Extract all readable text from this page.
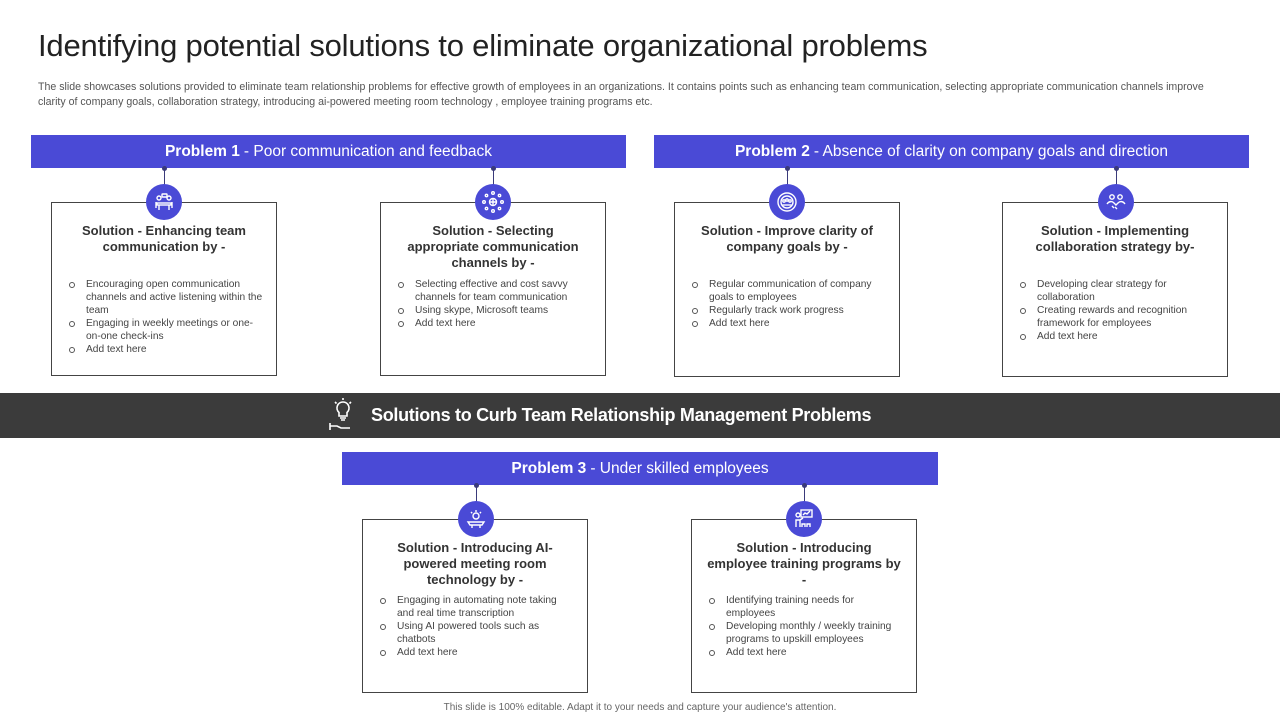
Identifying potential solutions to eliminate organizational problems
The slide showcases solutions provided to eliminate team relationship problems for effective growth of employees in an organizations. It contains points such as enhancing team communication, selecting appropriate communication channels improve clarity of company goals, collaboration strategy, introducing ai-powered meeting room technology , employee training programs etc.
Problem 1 - Poor communication and feedback	Problem 2 - Absence of clarity on company goals and direction
Problem 3 - Under skilled employees
Solution - Enhancing team communication by -
Encouraging open communication channels and active listening within the team
Engaging in weekly meetings or one-on-one check-ins
Add text here
Solution - Selecting appropriate communication channels by -
Selecting effective and cost savvy channels for team communication
Using skype, Microsoft teams
Add text here
Solution - Improve clarity of company goals by -
Regular communication of company goals to employees
Regularly track work progress
Add text here
Solution - Implementing collaboration strategy by-
Developing clear strategy for collaboration
Creating rewards and recognition framework for employees
Add text here
Solutions to Curb Team Relationship Management Problems
Solution - Introducing AI-powered meeting room technology by -
Engaging in automating note taking and real time transcription
Using AI powered tools such as chatbots
Add text here
Solution - Introducing employee training programs by -
Identifying training needs for employees
Developing monthly / weekly training programs to upskill employees
Add text here
This slide is 100% editable. Adapt it to your needs and capture your audience's attention.
